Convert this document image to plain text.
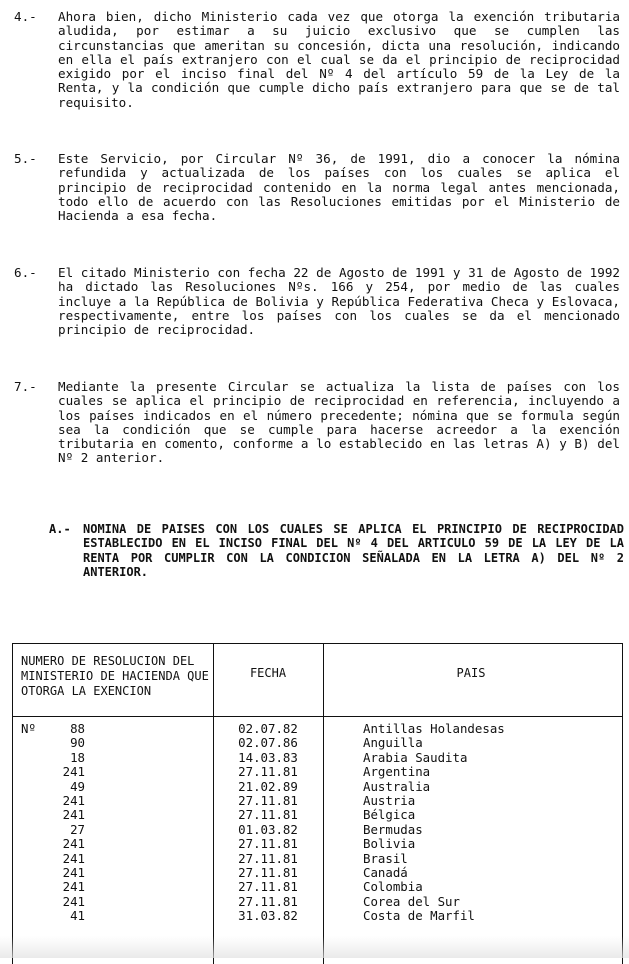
4.- Ahora bien, dicho Ministerio cada vez que otorga la exención tributaria aludida, por estimar a su juicio exclusivo que se cumplen las circunstancias que ameritan su concesión, dicta una resolución, indicando en ella el país extranjero con el cual se da el principio de reciprocidad exigido por el inciso final del Nº 4 del artículo 59 de la Ley de la Renta, y la condición que cumple dicho país extranjero para que se de tal requisito.
5.- Este Servicio, por Circular Nº 36, de 1991, dio a conocer la nómina refundida y actualizada de los países con los cuales se aplica el principio de reciprocidad contenido en la norma legal antes mencionada, todo ello de acuerdo con las Resoluciones emitidas por el Ministerio de Hacienda a esa fecha.
6.- El citado Ministerio con fecha 22 de Agosto de 1991 y 31 de Agosto de 1992 ha dictado las Resoluciones Nºs. 166 y 254, por medio de las cuales incluye a la República de Bolivia y República Federativa Checa y Eslovaca, respectivamente, entre los países con los cuales se da el mencionado principio de reciprocidad.
7.- Mediante la presente Circular se actualiza la lista de países con los cuales se aplica el principio de reciprocidad en referencia, incluyendo a los países indicados en el número precedente; nómina que se formula según sea la condición que se cumple para hacerse acreedor a la exención tributaria en comento, conforme a lo establecido en las letras A) y B) del Nº 2 anterior.
A.- NOMINA DE PAISES CON LOS CUALES SE APLICA EL PRINCIPIO DE RECIPROCIDAD ESTABLECIDO EN EL INCISO FINAL DEL Nº 4 DEL ARTICULO 59 DE LA LEY DE LA RENTA POR CUMPLIR CON LA CONDICION SEÑALADA EN LA LETRA A) DEL Nº 2 ANTERIOR.
NUMERO DE RESOLUCION DEL MINISTERIO DE HACIENDA QUE OTORGA LA EXENCION
FECHA	PAIS
Nº	88	02.07.82	Antillas Holandesas
90	02.07.86	Anguilla
18	14.03.83	Arabia Saudita
241	27.11.81	Argentina
49	21.02.89	Australia
241	27.11.81	Austria
241	27.11.81	Bélgica
27	01.03.82	Bermudas
241	27.11.81	Bolivia
241	27.11.81	Brasil
241	27.11.81	Canadá
241	27.11.81	Colombia
241	27.11.81	Corea del Sur
41	31.03.82	Costa de Marfil
